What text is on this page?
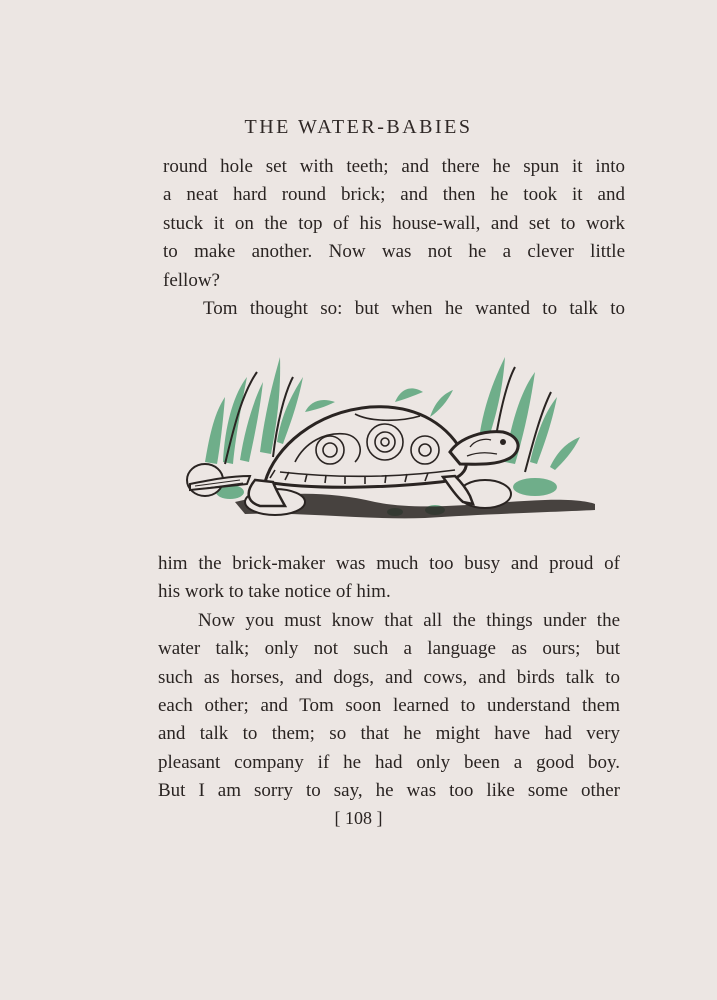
THE WATER-BABIES
round hole set with teeth; and there he spun it into
a neat hard round brick; and then he took it and
stuck it on the top of his house-wall, and set to work
to make another. Now was not he a clever little
fellow?
Tom thought so: but when he wanted to talk to
him the brick-maker was much too busy and proud of
his work to take notice of him.
Now you must know that all the things under the
water talk; only not such a language as ours; but
such as horses, and dogs, and cows, and birds talk to
each other; and Tom soon learned to understand them
and talk to them; so that he might have had very
pleasant company if he had only been a good boy.
But I am sorry to say, he was too like some other
[ 108 ]
